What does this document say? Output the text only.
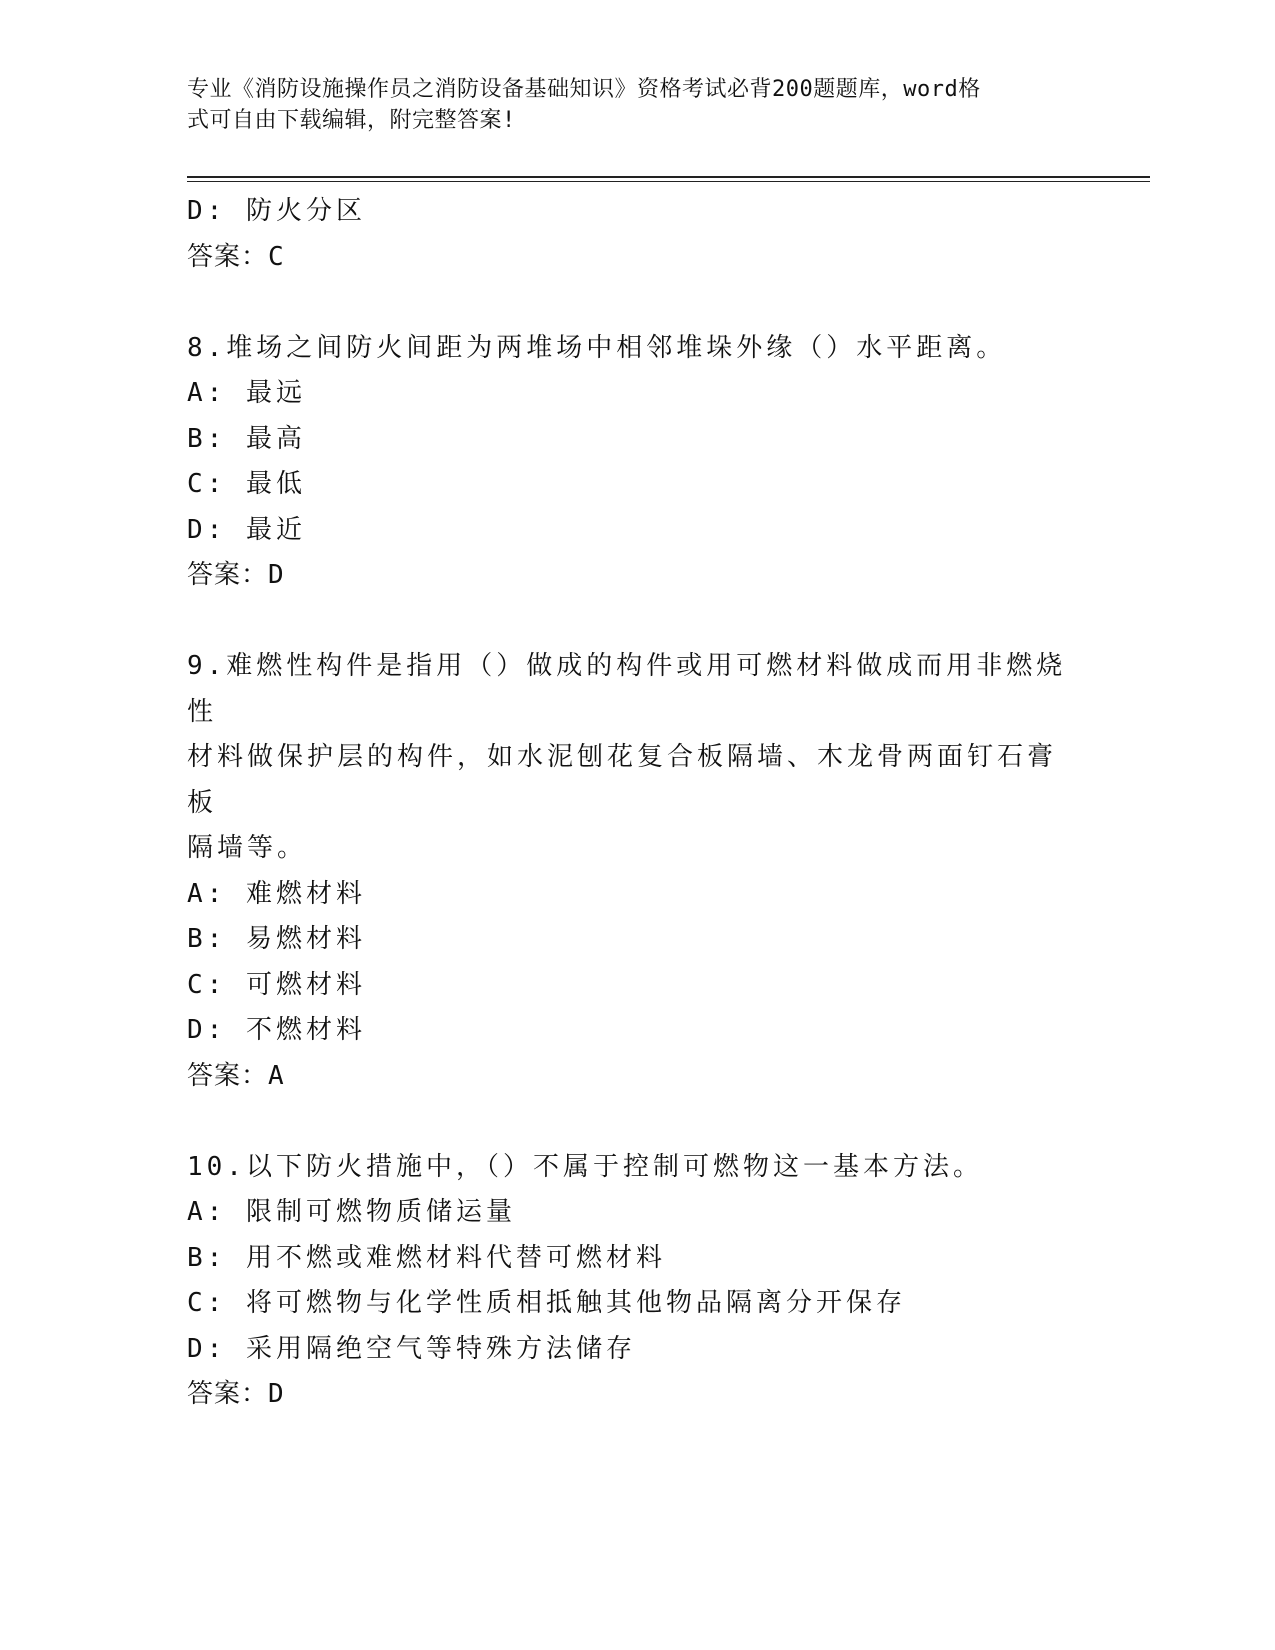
专业《消防设施操作员之消防设备基础知识》资格考试必背200题题库，word格
式可自由下载编辑，附完整答案!
D: 防火分区
答案：C
8.堆场之间防火间距为两堆场中相邻堆垛外缘（）水平距离。
A: 最远
B: 最高
C: 最低
D: 最近
答案：D
9.难燃性构件是指用（）做成的构件或用可燃材料做成而用非燃烧性
材料做保护层的构件，如水泥刨花复合板隔墙、木龙骨两面钉石膏板
隔墙等。
A: 难燃材料
B: 易燃材料
C: 可燃材料
D: 不燃材料
答案：A
10.以下防火措施中，（）不属于控制可燃物这一基本方法。
A: 限制可燃物质储运量
B: 用不燃或难燃材料代替可燃材料
C: 将可燃物与化学性质相抵触其他物品隔离分开保存
D: 采用隔绝空气等特殊方法储存
答案：D
